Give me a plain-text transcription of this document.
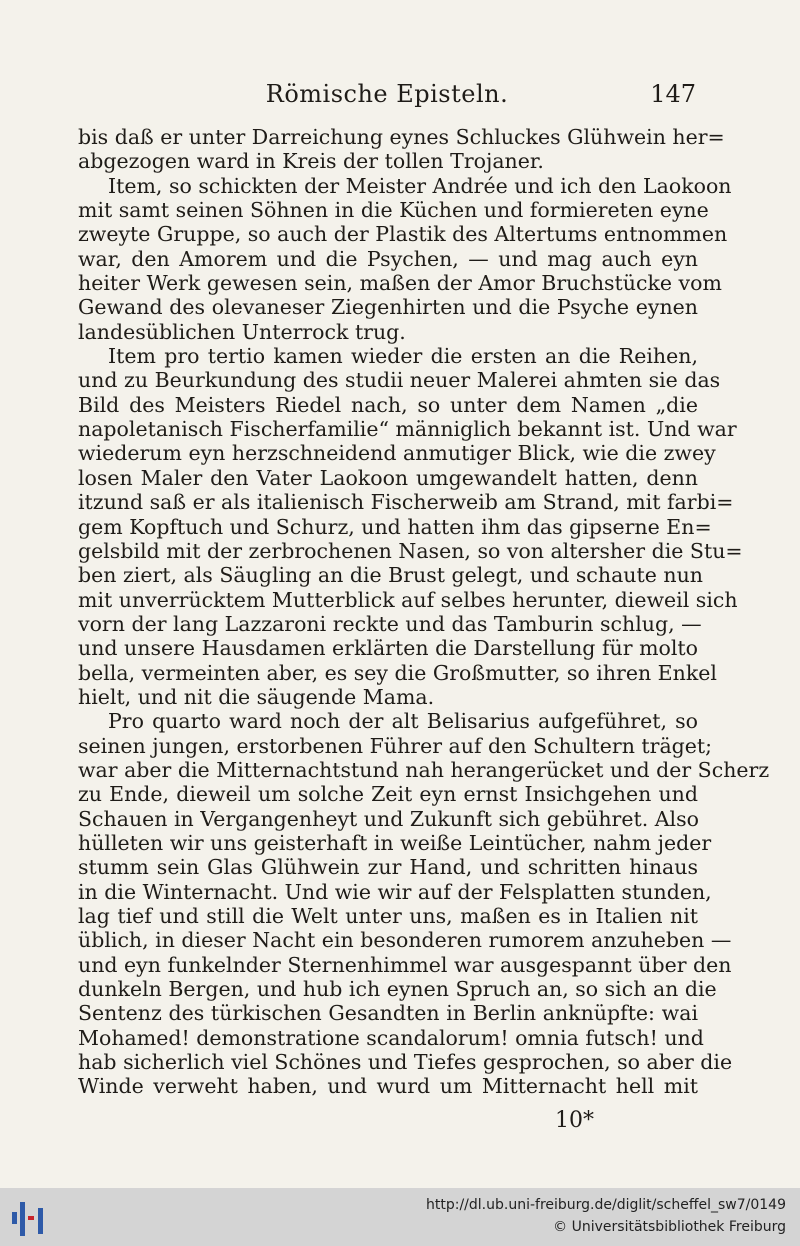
Römische Episteln.	147
bis daß er unter Darreichung eynes Schluckes Glühwein her=
abgezogen ward in Kreis der tollen Trojaner.
Item, so schickten der Meister Andrée und ich den Laokoon
mit samt seinen Söhnen in die Küchen und formiereten eyne
zweyte Gruppe, so auch der Plastik des Altertums entnommen
war, den Amorem und die Psychen, — und mag auch eyn
heiter Werk gewesen sein, maßen der Amor Bruchstücke vom
Gewand des olevaneser Ziegenhirten und die Psyche eynen
landesüblichen Unterrock trug.
Item pro tertio kamen wieder die ersten an die Reihen,
und zu Beurkundung des studii neuer Malerei ahmten sie das
Bild des Meisters Riedel nach, so unter dem Namen „die
napoletanisch Fischerfamilie“ männiglich bekannt ist. Und war
wiederum eyn herzschneidend anmutiger Blick, wie die zwey
losen Maler den Vater Laokoon umgewandelt hatten, denn
itzund saß er als italienisch Fischerweib am Strand, mit farbi=
gem Kopftuch und Schurz, und hatten ihm das gipserne En=
gelsbild mit der zerbrochenen Nasen, so von altersher die Stu=
ben ziert, als Säugling an die Brust gelegt, und schaute nun
mit unverrücktem Mutterblick auf selbes herunter, dieweil sich
vorn der lang Lazzaroni reckte und das Tamburin schlug, —
und unsere Hausdamen erklärten die Darstellung für molto
bella, vermeinten aber, es sey die Großmutter, so ihren Enkel
hielt, und nit die säugende Mama.
Pro quarto ward noch der alt Belisarius aufgeführet, so
seinen jungen, erstorbenen Führer auf den Schultern träget;
war aber die Mitternachtstund nah herangerücket und der Scherz
zu Ende, dieweil um solche Zeit eyn ernst Insichgehen und
Schauen in Vergangenheyt und Zukunft sich gebühret. Also
hülleten wir uns geisterhaft in weiße Leintücher, nahm jeder
stumm sein Glas Glühwein zur Hand, und schritten hinaus
in die Winternacht. Und wie wir auf der Felsplatten stunden,
lag tief und still die Welt unter uns, maßen es in Italien nit
üblich, in dieser Nacht ein besonderen rumorem anzuheben —
und eyn funkelnder Sternenhimmel war ausgespannt über den
dunkeln Bergen, und hub ich eynen Spruch an, so sich an die
Sentenz des türkischen Gesandten in Berlin anknüpfte: wai
Mohamed! demonstratione scandalorum! omnia futsch! und
hab sicherlich viel Schönes und Tiefes gesprochen, so aber die
Winde verweht haben, und wurd um Mitternacht hell mit
10*
http://dl.ub.uni-freiburg.de/diglit/scheffel_sw7/0149
© Universitätsbibliothek Freiburg
